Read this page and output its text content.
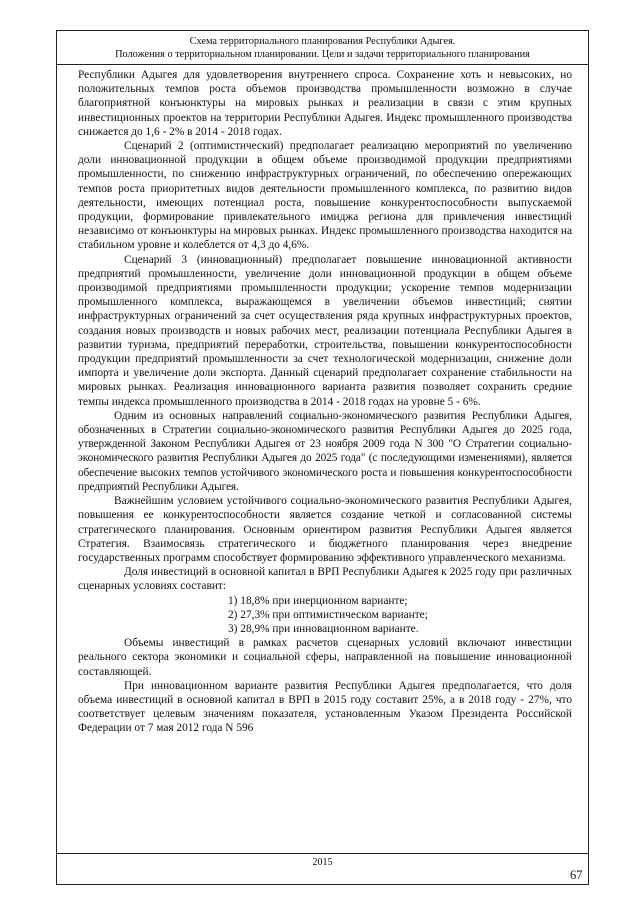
Схема территориального планирования Республики Адыгея.
Положения о территориальном планировании. Цели и задачи территориального планирования

Республики Адыгея для удовлетворения внутреннего спроса. Сохранение хоть и невысоких, но положительных темпов роста объемов производства промышленности возможно в случае благоприятной конъюнктуры на мировых рынках и реализации в связи с этим крупных инвестиционных проектов на территории Республики Адыгея. Индекс промышленного производства снижается до 1,6 - 2% в 2014 - 2018 годах.

Сценарий 2 (оптимистический) предполагает реализацию мероприятий по увеличению доли инновационной продукции в общем объеме производимой продукции предприятиями промышленности, по снижению инфраструктурных ограничений, по обеспечению опережающих темпов роста приоритетных видов деятельности промышленного комплекса, по развитию видов деятельности, имеющих потенциал роста, повышение конкурентоспособности выпускаемой продукции, формирование привлекательного имиджа региона для привлечения инвестиций независимо от конъюнктуры на мировых рынках. Индекс промышленного производства находится на стабильном уровне и колеблется от 4,3 до 4,6%.

Сценарий 3 (инновационный) предполагает повышение инновационной активности предприятий промышленности, увеличение доли инновационной продукции в общем объеме производимой предприятиями промышленности продукции; ускорение темпов модернизации промышленного комплекса, выражающемся в увеличении объемов инвестиций; снятии инфраструктурных ограничений за счет осуществления ряда крупных инфраструктурных проектов, создания новых производств и новых рабочих мест, реализации потенциала Республики Адыгея в развитии туризма, предприятий переработки, строительства, повышении конкурентоспособности продукции предприятий промышленности за счет технологической модернизации, снижение доли импорта и увеличение доли экспорта. Данный сценарий предполагает сохранение стабильности на мировых рынках. Реализация инновационного варианта развития позволяет сохранить средние темпы индекса промышленного производства в 2014 - 2018 годах на уровне 5 - 6%.

Одним из основных направлений социально-экономического развития Республики Адыгея, обозначенных в Стратегии социально-экономического развития Республики Адыгея до 2025 года, утвержденной Законом Республики Адыгея от 23 ноября 2009 года N 300 "О Стратегии социально-экономического развития Республики Адыгея до 2025 года" (с последующими изменениями), является обеспечение высоких темпов устойчивого экономического роста и повышения конкурентоспособности предприятий Республики Адыгея.

Важнейшим условием устойчивого социально-экономического развития Республики Адыгея, повышения ее конкурентоспособности является создание четкой и согласованной системы стратегического планирования. Основным ориентиром развития Республики Адыгея является Стратегия. Взаимосвязь стратегического и бюджетного планирования через внедрение государственных программ способствует формированию эффективного управленческого механизма.

Доля инвестиций в основной капитал в ВРП Республики Адыгея к 2025 году при различных сценарных условиях составит:

1) 18,8% при инерционном варианте;
2) 27,3% при оптимистическом варианте;
3) 28,9% при инновационном варианте.

Объемы инвестиций в рамках расчетов сценарных условий включают инвестиции реального сектора экономики и социальной сферы, направленной на повышение инновационной составляющей.

При инновационном варианте развития Республики Адыгея предполагается, что доля объема инвестиций в основной капитал в ВРП в 2015 году составит 25%, а в 2018 году - 27%, что соответствует целевым значениям показателя, установленным Указом Президента Российской Федерации от 7 мая 2012 года N 596

2015
67
